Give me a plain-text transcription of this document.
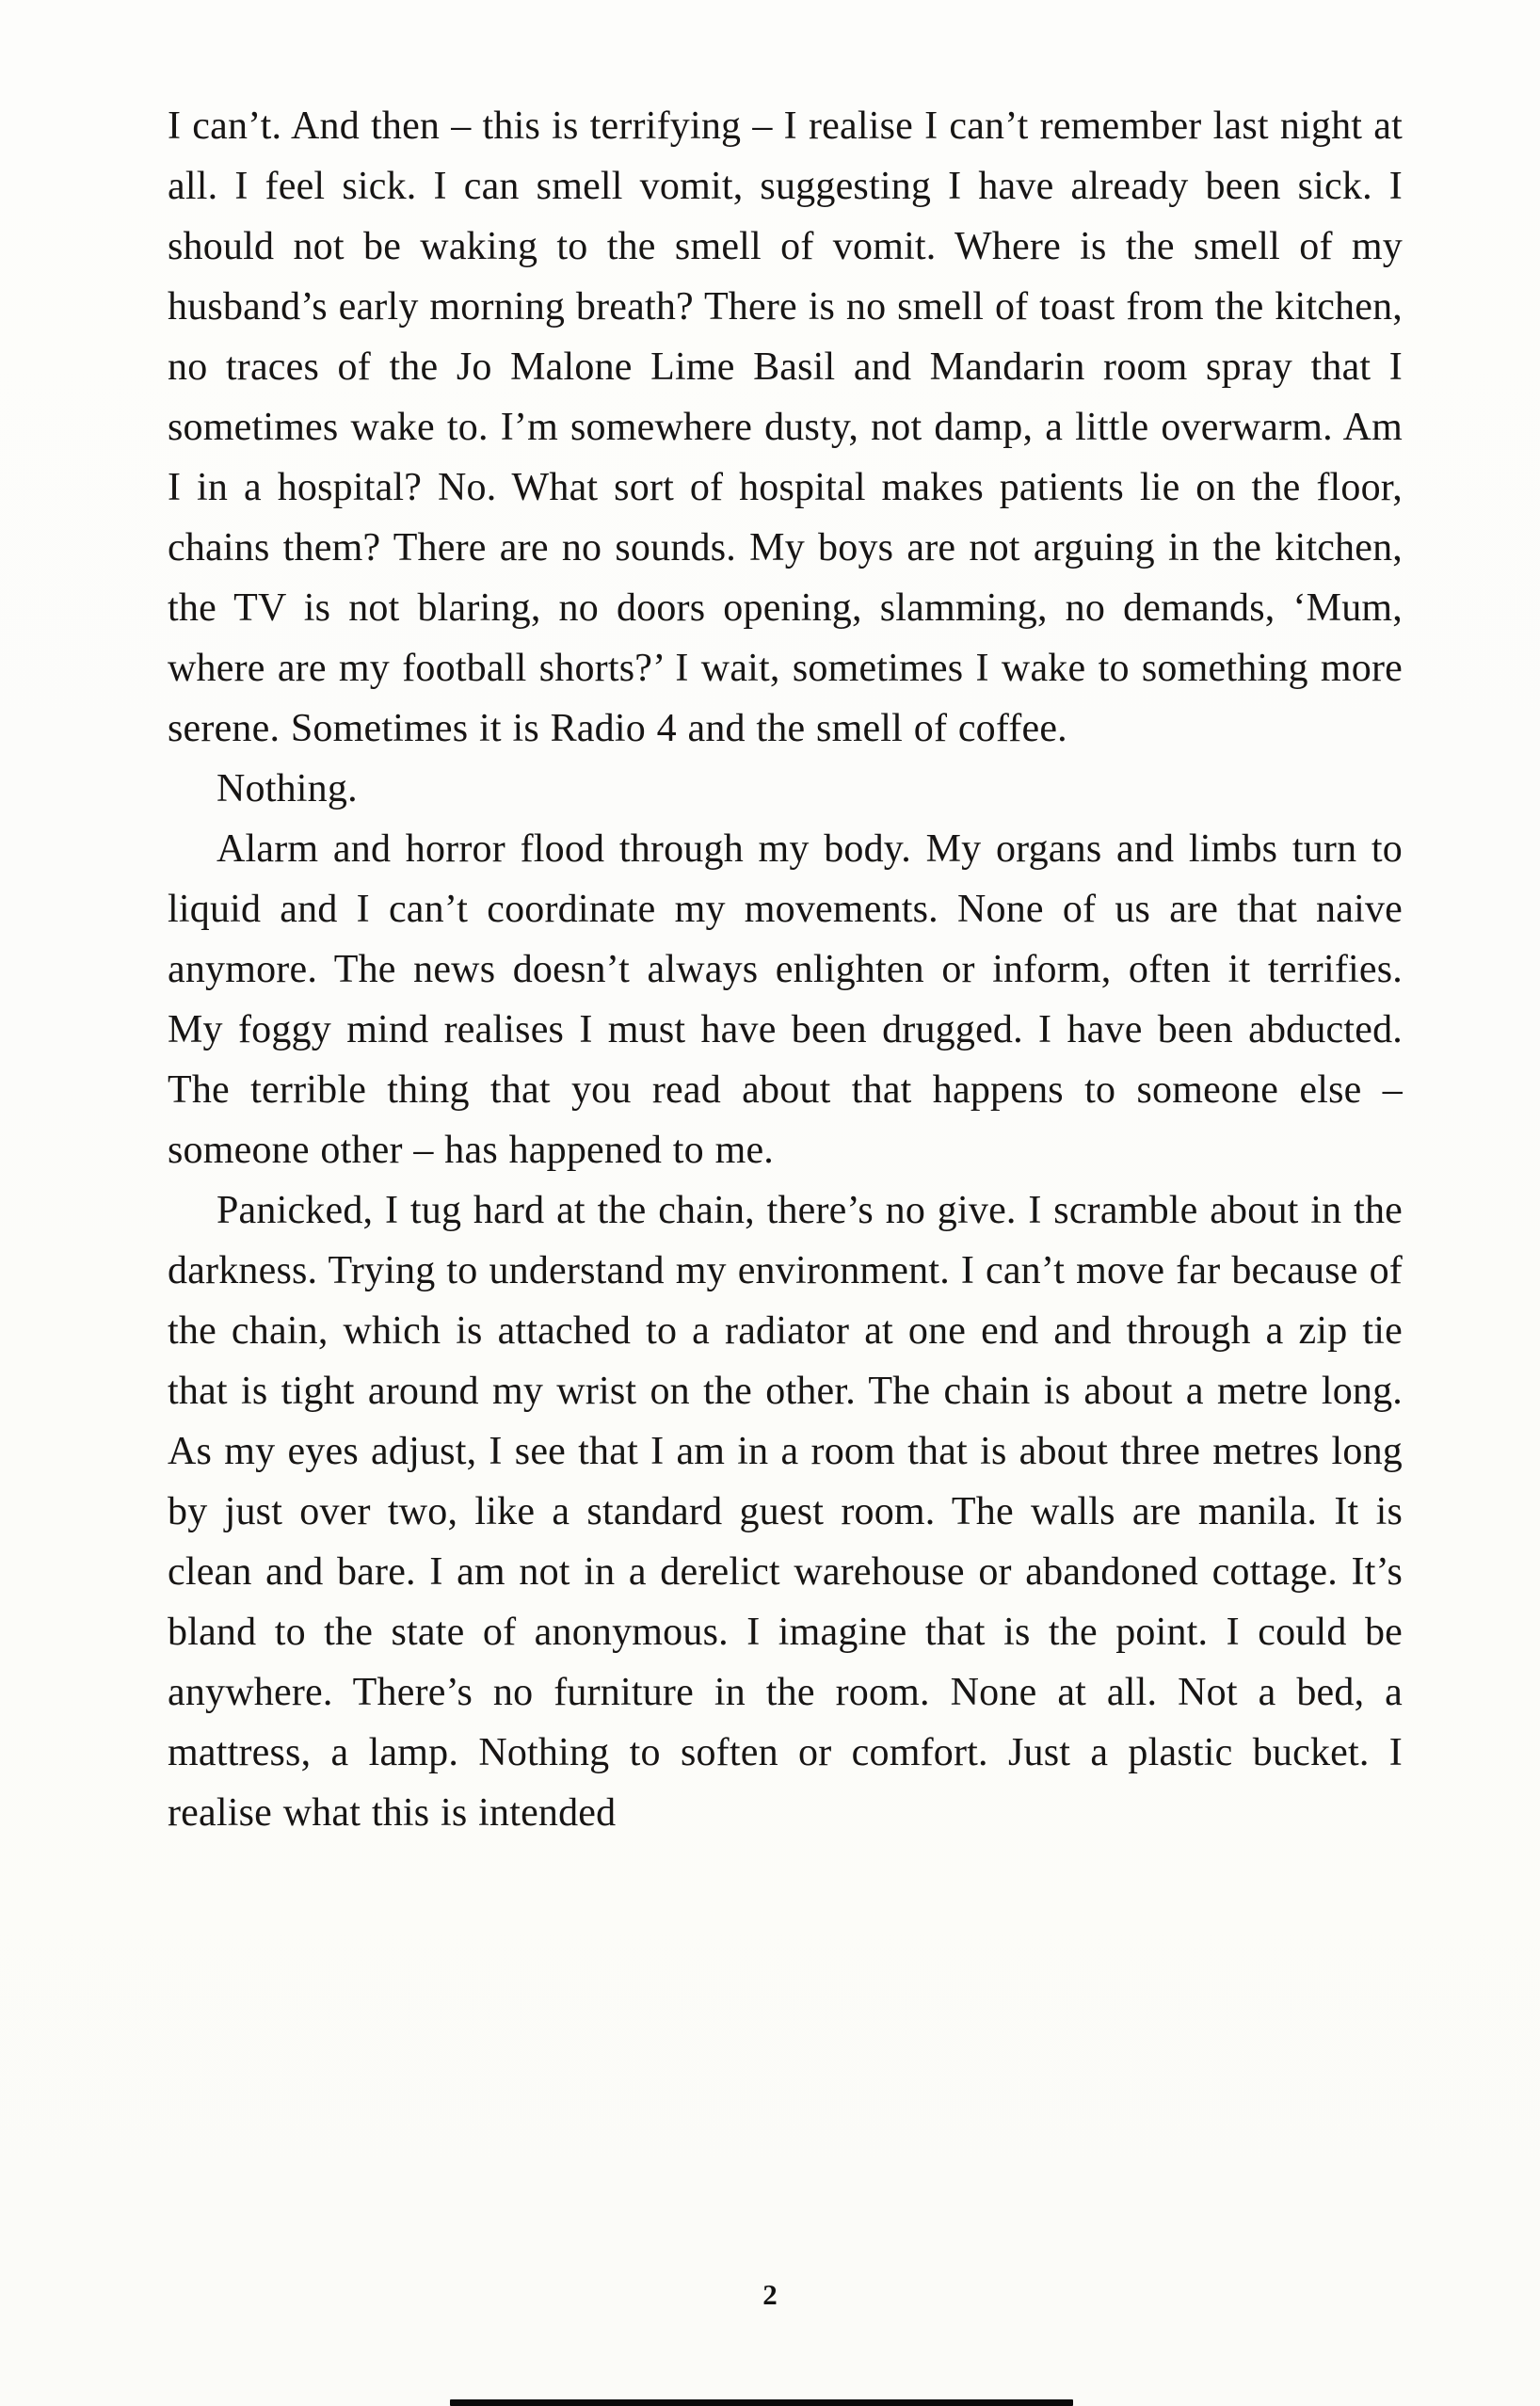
I can’t. And then – this is terrifying – I realise I can’t remember last night at all. I feel sick. I can smell vomit, suggesting I have already been sick. I should not be waking to the smell of vomit. Where is the smell of my husband’s early morning breath? There is no smell of toast from the kitchen, no traces of the Jo Malone Lime Basil and Mandarin room spray that I sometimes wake to. I’m somewhere dusty, not damp, a little overwarm. Am I in a hospital? No. What sort of hospital makes patients lie on the floor, chains them? There are no sounds. My boys are not arguing in the kitchen, the TV is not blaring, no doors opening, slamming, no demands, ‘Mum, where are my football shorts?’ I wait, sometimes I wake to something more serene. Sometimes it is Radio 4 and the smell of coffee.

Nothing.

Alarm and horror flood through my body. My organs and limbs turn to liquid and I can’t coordinate my movements. None of us are that naive anymore. The news doesn’t always enlighten or inform, often it terrifies. My foggy mind realises I must have been drugged. I have been abducted. The terrible thing that you read about that happens to someone else – someone other – has happened to me.

Panicked, I tug hard at the chain, there’s no give. I scramble about in the darkness. Trying to understand my environment. I can’t move far because of the chain, which is attached to a radiator at one end and through a zip tie that is tight around my wrist on the other. The chain is about a metre long. As my eyes adjust, I see that I am in a room that is about three metres long by just over two, like a standard guest room. The walls are manila. It is clean and bare. I am not in a derelict warehouse or abandoned cottage. It’s bland to the state of anonymous. I imagine that is the point. I could be anywhere. There’s no furniture in the room. None at all. Not a bed, a mattress, a lamp. Nothing to soften or comfort. Just a plastic bucket. I realise what this is intended

2
